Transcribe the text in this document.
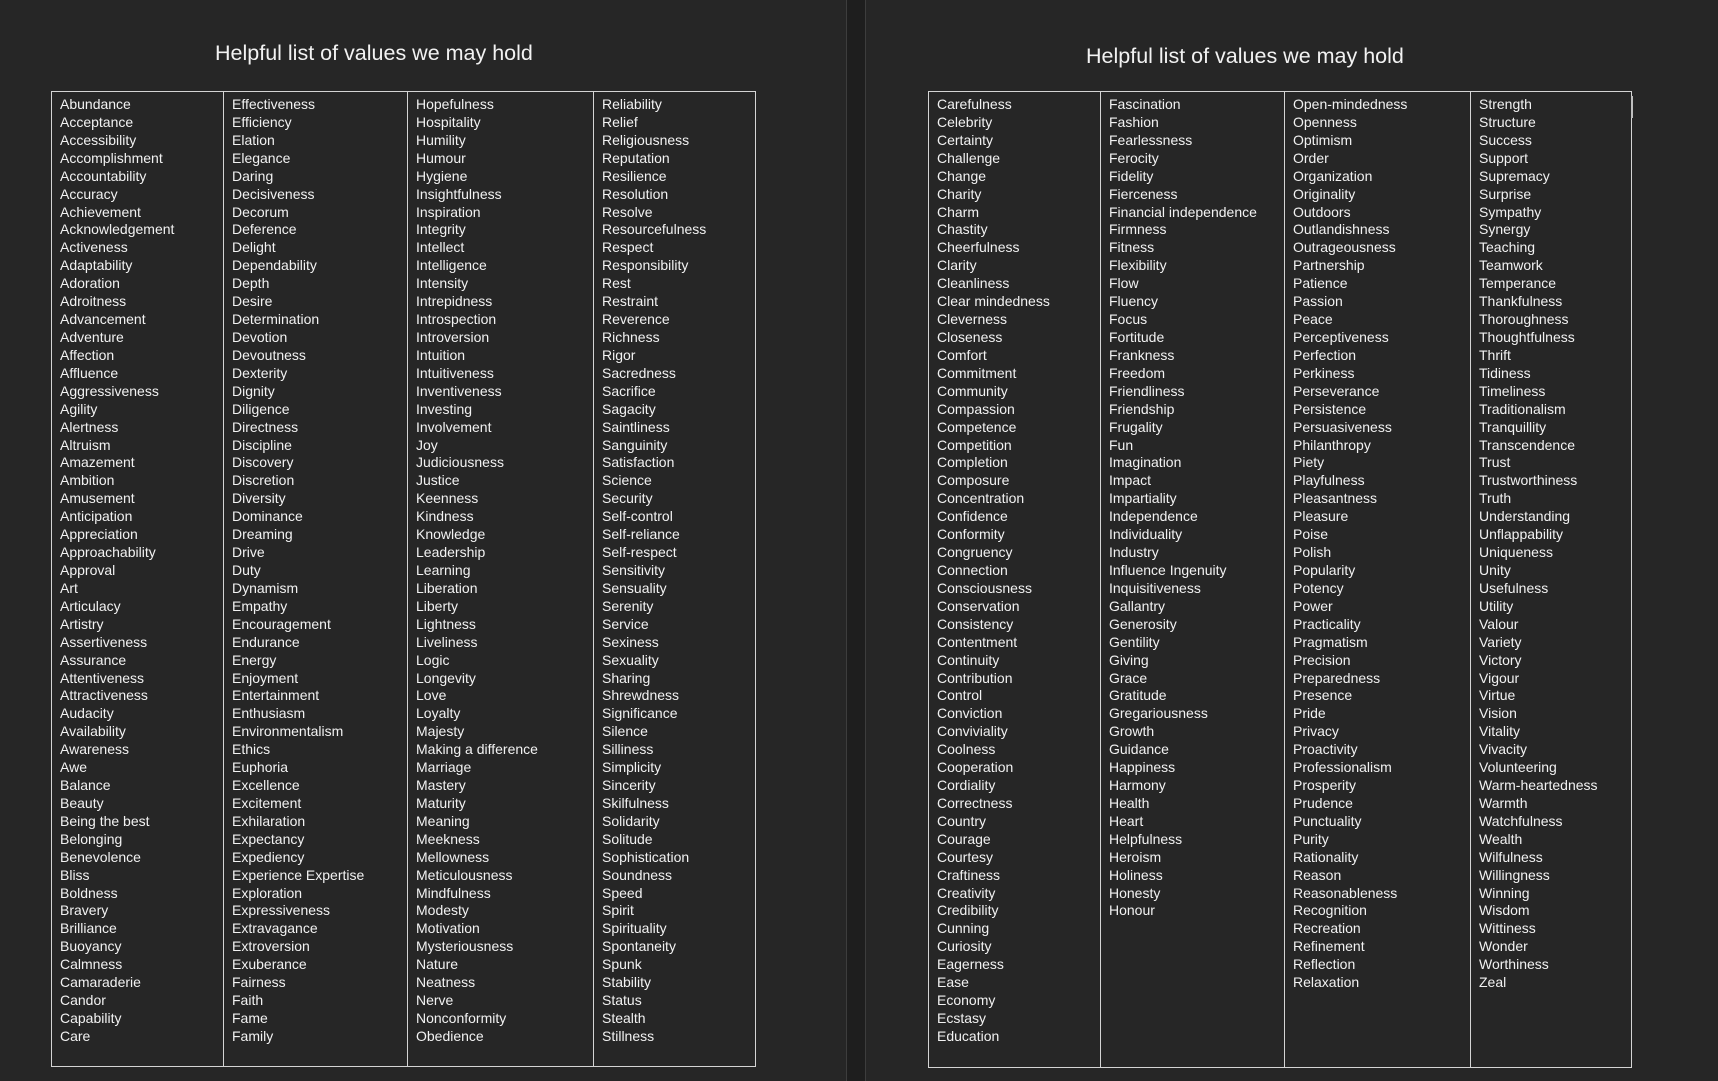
Helpful list of values we may hold
Abundance
Acceptance
Accessibility
Accomplishment
Accountability
Accuracy
Achievement
Acknowledgement
Activeness
Adaptability
Adoration
Adroitness
Advancement
Adventure
Affection
Affluence
Aggressiveness
Agility
Alertness
Altruism
Amazement
Ambition
Amusement
Anticipation
Appreciation
Approachability
Approval
Art
Articulacy
Artistry
Assertiveness
Assurance
Attentiveness
Attractiveness
Audacity
Availability
Awareness
Awe
Balance
Beauty
Being the best
Belonging
Benevolence
Bliss
Boldness
Bravery
Brilliance
Buoyancy
Calmness
Camaraderie
Candor
Capability
Care
Effectiveness
Efficiency
Elation
Elegance
Daring
Decisiveness
Decorum
Deference
Delight
Dependability
Depth
Desire
Determination
Devotion
Devoutness
Dexterity
Dignity
Diligence
Directness
Discipline
Discovery
Discretion
Diversity
Dominance
Dreaming
Drive
Duty
Dynamism
Empathy
Encouragement
Endurance
Energy
Enjoyment
Entertainment
Enthusiasm
Environmentalism
Ethics
Euphoria
Excellence
Excitement
Exhilaration
Expectancy
Expediency
Experience Expertise
Exploration
Expressiveness
Extravagance
Extroversion
Exuberance
Fairness
Faith
Fame
Family
Hopefulness
Hospitality
Humility
Humour
Hygiene
Insightfulness
Inspiration
Integrity
Intellect
Intelligence
Intensity
Intrepidness
Introspection
Introversion
Intuition
Intuitiveness
Inventiveness
Investing
Involvement
Joy
Judiciousness
Justice
Keenness
Kindness
Knowledge
Leadership
Learning
Liberation
Liberty
Lightness
Liveliness
Logic
Longevity
Love
Loyalty
Majesty
Making a difference
Marriage
Mastery
Maturity
Meaning
Meekness
Mellowness
Meticulousness
Mindfulness
Modesty
Motivation
Mysteriousness
Nature
Neatness
Nerve
Nonconformity
Obedience
Reliability
Relief
Religiousness
Reputation
Resilience
Resolution
Resolve
Resourcefulness
Respect
Responsibility
Rest
Restraint
Reverence
Richness
Rigor
Sacredness
Sacrifice
Sagacity
Saintliness
Sanguinity
Satisfaction
Science
Security
Self-control
Self-reliance
Self-respect
Sensitivity
Sensuality
Serenity
Service
Sexiness
Sexuality
Sharing
Shrewdness
Significance
Silence
Silliness
Simplicity
Sincerity
Skilfulness
Solidarity
Solitude
Sophistication
Soundness
Speed
Spirit
Spirituality
Spontaneity
Spunk
Stability
Status
Stealth
Stillness
Helpful list of values we may hold
Carefulness
Celebrity
Certainty
Challenge
Change
Charity
Charm
Chastity
Cheerfulness
Clarity
Cleanliness
Clear mindedness
Cleverness
Closeness
Comfort
Commitment
Community
Compassion
Competence
Competition
Completion
Composure
Concentration
Confidence
Conformity
Congruency
Connection
Consciousness
Conservation
Consistency
Contentment
Continuity
Contribution
Control
Conviction
Conviviality
Coolness
Cooperation
Cordiality
Correctness
Country
Courage
Courtesy
Craftiness
Creativity
Credibility
Cunning
Curiosity
Eagerness
Ease
Economy
Ecstasy
Education
Fascination
Fashion
Fearlessness
Ferocity
Fidelity
Fierceness
Financial independence
Firmness
Fitness
Flexibility
Flow
Fluency
Focus
Fortitude
Frankness
Freedom
Friendliness
Friendship
Frugality
Fun
Imagination
Impact
Impartiality
Independence
Individuality
Industry
Influence Ingenuity
Inquisitiveness
Gallantry
Generosity
Gentility
Giving
Grace
Gratitude
Gregariousness
Growth
Guidance
Happiness
Harmony
Health
Heart
Helpfulness
Heroism
Holiness
Honesty
Honour
Open-mindedness
Openness
Optimism
Order
Organization
Originality
Outdoors
Outlandishness
Outrageousness
Partnership
Patience
Passion
Peace
Perceptiveness
Perfection
Perkiness
Perseverance
Persistence
Persuasiveness
Philanthropy
Piety
Playfulness
Pleasantness
Pleasure
Poise
Polish
Popularity
Potency
Power
Practicality
Pragmatism
Precision
Preparedness
Presence
Pride
Privacy
Proactivity
Professionalism
Prosperity
Prudence
Punctuality
Purity
Rationality
Reason
Reasonableness
Recognition
Recreation
Refinement
Reflection
Relaxation
Strength
Structure
Success
Support
Supremacy
Surprise
Sympathy
Synergy
Teaching
Teamwork
Temperance
Thankfulness
Thoroughness
Thoughtfulness
Thrift
Tidiness
Timeliness
Traditionalism
Tranquillity
Transcendence
Trust
Trustworthiness
Truth
Understanding
Unflappability
Uniqueness
Unity
Usefulness
Utility
Valour
Variety
Victory
Vigour
Virtue
Vision
Vitality
Vivacity
Volunteering
Warm-heartedness
Warmth
Watchfulness
Wealth
Wilfulness
Willingness
Winning
Wisdom
Wittiness
Wonder
Worthiness
Zeal
